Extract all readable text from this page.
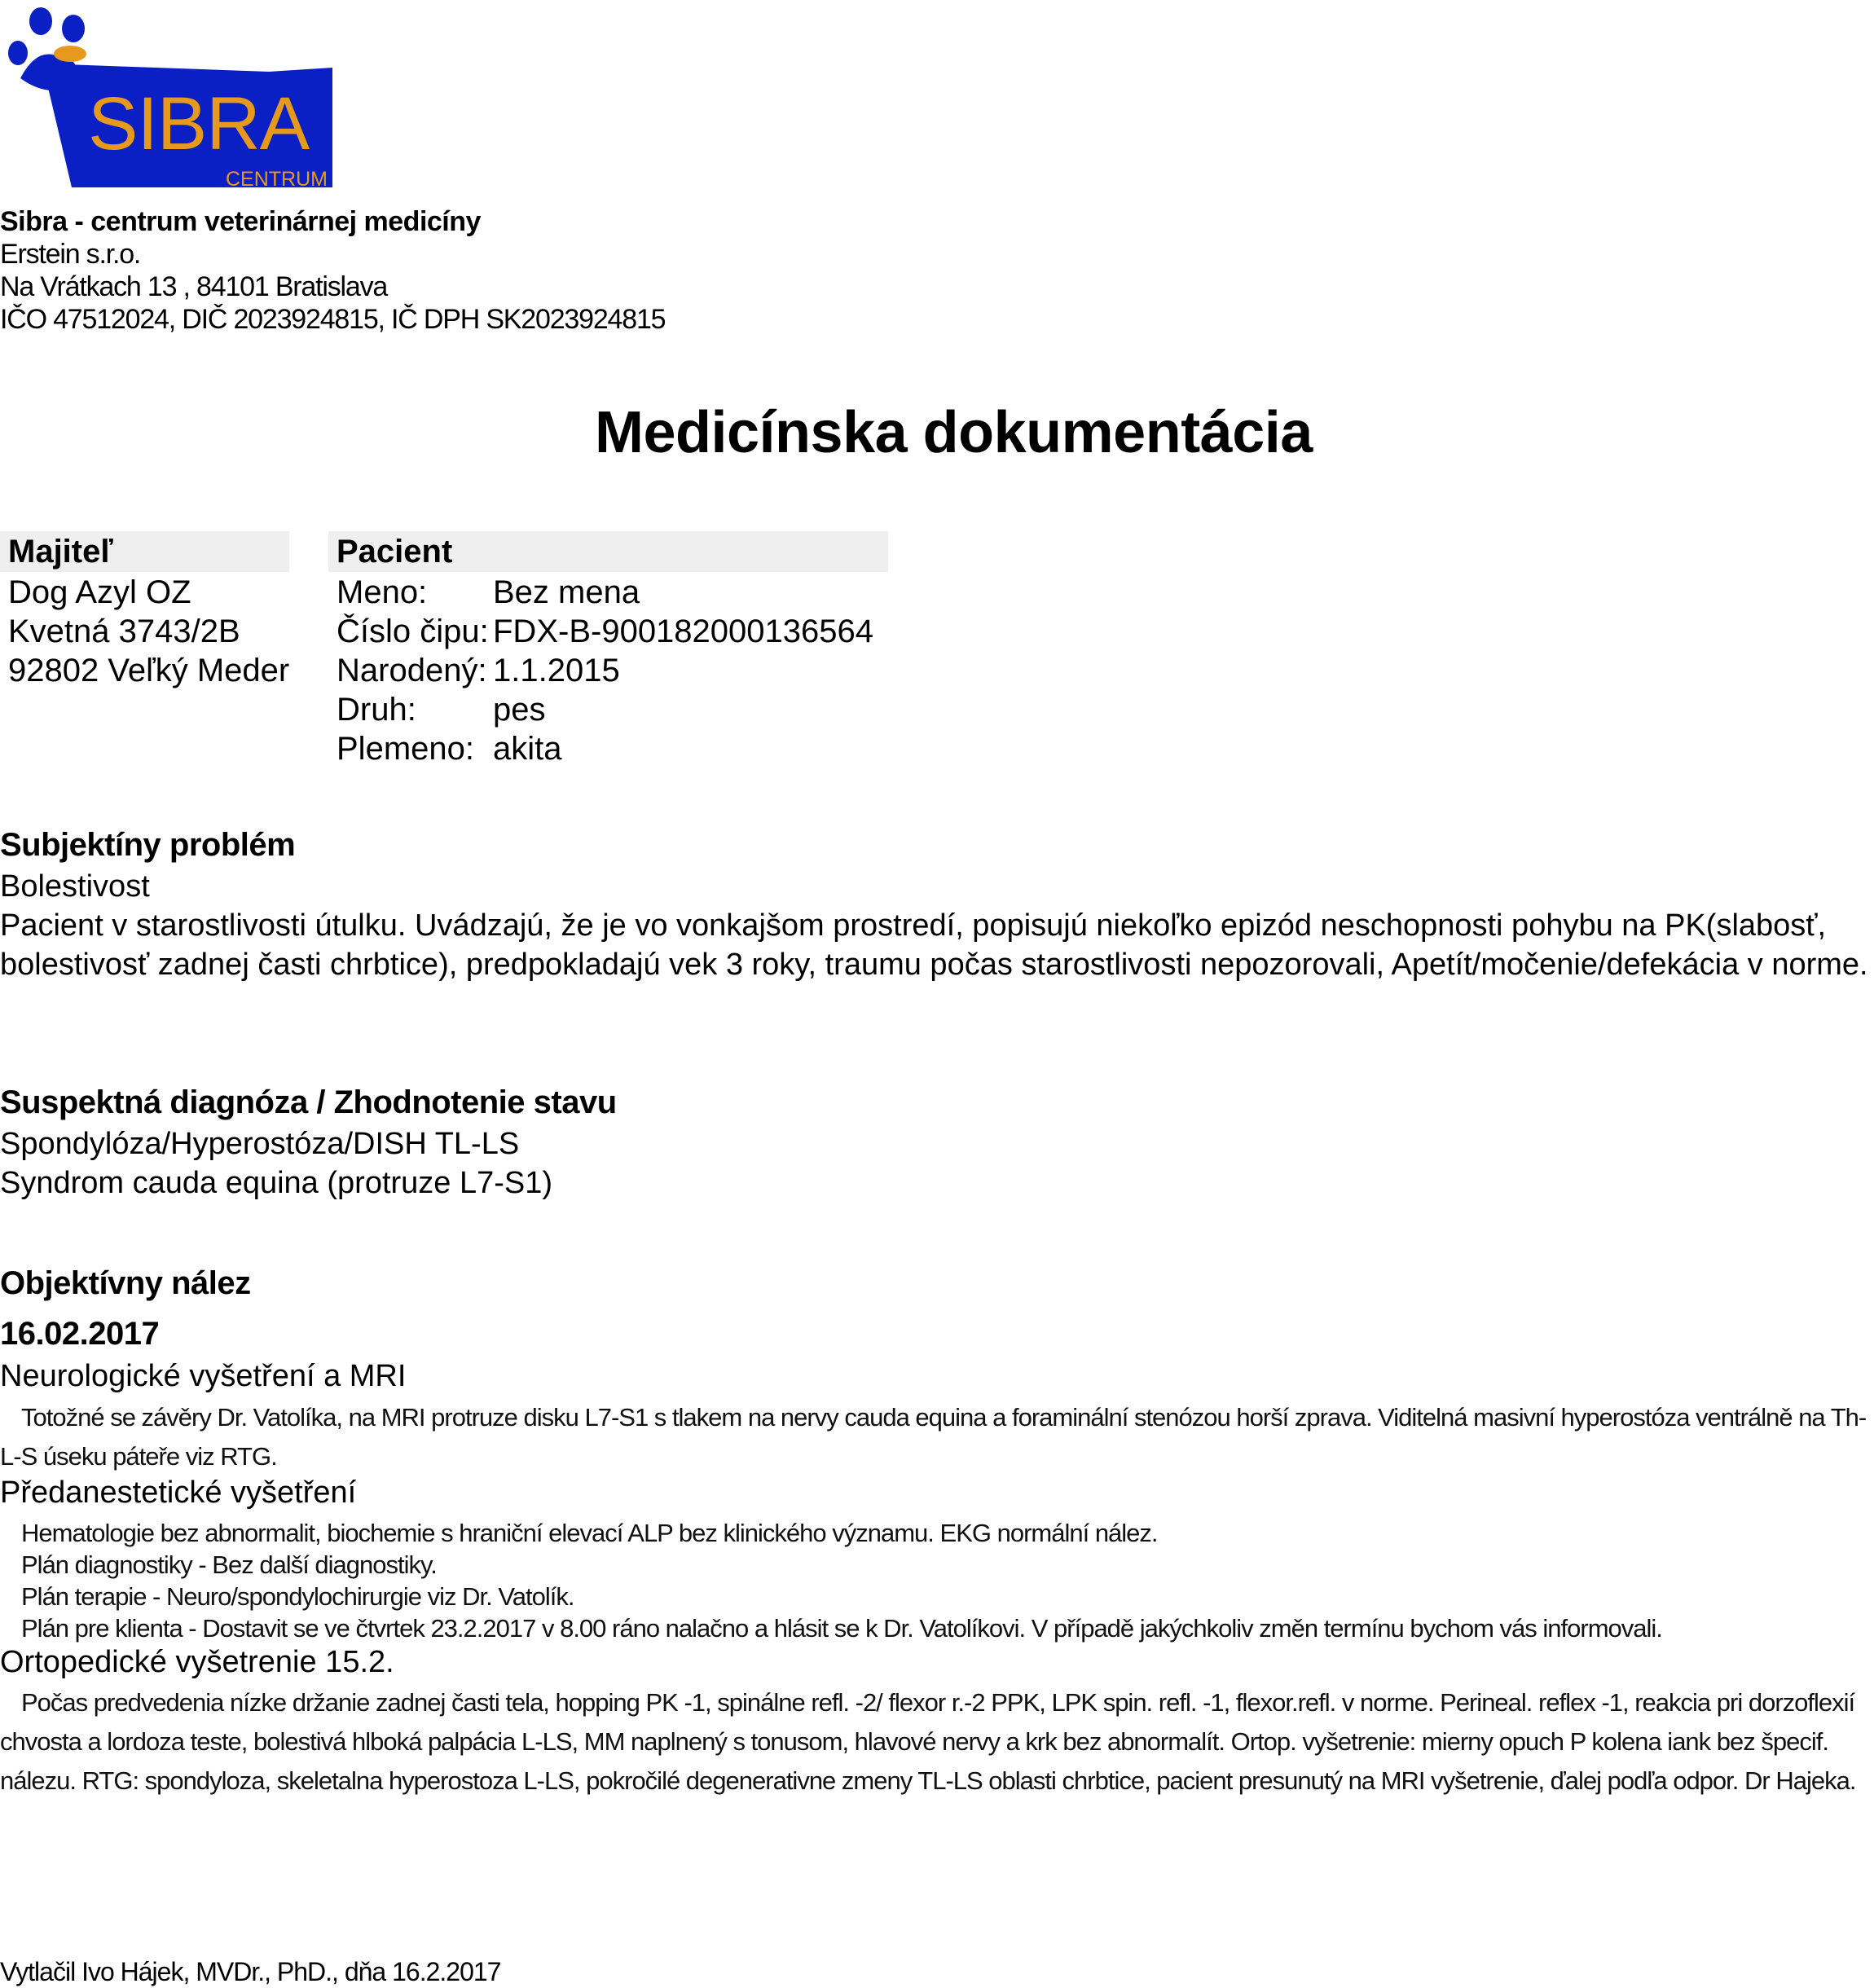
SIBRA
CENTRUM
Sibra - centrum veterinárnej medicíny
Erstein s.r.o.
Na Vrátkach 13 , 84101 Bratislava
IČO 47512024, DIČ 2023924815, IČ DPH SK2023924815
Medicínska dokumentácia
Majiteľ
Dog Azyl OZ
Kvetná 3743/2B
92802 Veľký Meder
Pacient
Meno:	Bez mena
Číslo čipu: FDX-B-900182000136564
Narodený: 1.1.2015
Druh:	pes
Plemeno: akita
Subjektíny problém
Bolestivost
Pacient v starostlivosti útulku. Uvádzajú, že je vo vonkajšom prostredí, popisujú niekoľko epizód neschopnosti pohybu na PK(slabosť, bolestivosť zadnej časti chrbtice), predpokladajú vek 3 roky, traumu počas starostlivosti nepozorovali, Apetít/močenie/defekácia v norme.
Suspektná diagnóza / Zhodnotenie stavu
Spondylóza/Hyperostóza/DISH TL-LS
Syndrom cauda equina (protruze L7-S1)
Objektívny nález
16.02.2017
Neurologické vyšetření a MRI
Totožné se závěry Dr. Vatolíka, na MRI protruze disku L7-S1 s tlakem na nervy cauda equina a foraminální stenózou horší zprava. Viditelná masivní hyperostóza ventrálně na Th-L-S úseku páteře viz RTG.
Předanestetické vyšetření
Hematologie bez abnormalit, biochemie s hraniční elevací ALP bez klinického významu. EKG normální nález.
Plán diagnostiky - Bez další diagnostiky.
Plán terapie - Neuro/spondylochirurgie viz Dr. Vatolík.
Plán pre klienta - Dostavit se ve čtvrtek 23.2.2017 v 8.00 ráno nalačno a hlásit se k Dr. Vatolíkovi. V případě jakýchkoliv změn termínu bychom vás informovali.
Ortopedické vyšetrenie 15.2.
Počas predvedenia nízke držanie zadnej časti tela, hopping PK -1, spinálne refl. -2/ flexor r.-2 PPK, LPK spin. refl. -1, flexor.refl. v norme. Perineal. reflex -1, reakcia pri dorzoflexií chvosta a lordoza teste, bolestivá hlboká palpácia L-LS, MM naplnený s tonusom, hlavové nervy a krk bez abnormalít. Ortop. vyšetrenie: mierny opuch P kolena iank bez špecif. nálezu. RTG: spondyloza, skeletalna hyperostoza L-LS, pokročilé degenerativne zmeny TL-LS oblasti chrbtice, pacient presunutý na MRI vyšetrenie, ďalej podľa odpor. Dr Hajeka.
Vytlačil Ivo Hájek, MVDr., PhD., dňa 16.2.2017
